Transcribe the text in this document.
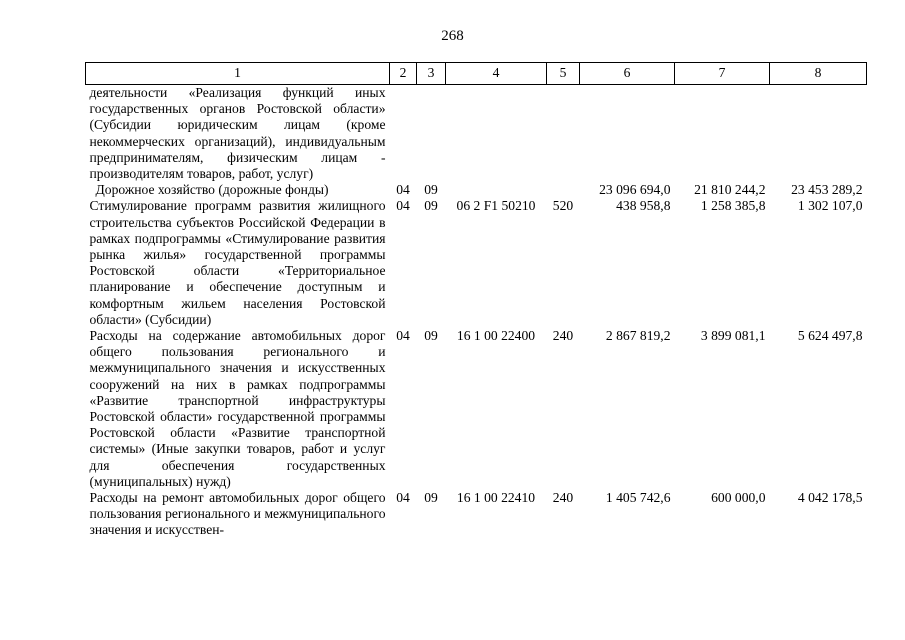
268
1	2	3	4	5	6	7	8
деятельности «Реализация функций иных государственных органов Ростовской области» (Субсидии юридическим лицам (кроме некоммерческих организаций), индивидуальным предпринимателям, физическим лицам - производителям товаров, работ, услуг)							
Дорожное хозяйство (дорожные фонды)	04	09			23 096 694,0	21 810 244,2	23 453 289,2
Стимулирование программ развития жилищного строительства субъектов Российской Федерации в рамках подпрограммы «Стимулирование развития рынка жилья» государственной программы Ростовской области «Территориальное планирование и обеспечение доступным и комфортным жильем населения Ростовской области» (Субсидии)	04	09	06 2 F1 50210	520	438 958,8	1 258 385,8	1 302 107,0
Расходы на содержание автомобильных дорог общего пользования регионального и межмуниципального значения и искусственных сооружений на них в рамках подпрограммы «Развитие транспортной инфраструктуры Ростовской области» государственной программы Ростовской области «Развитие транспортной системы» (Иные закупки товаров, работ и услуг для обеспечения государственных (муниципальных) нужд)	04	09	16 1 00 22400	240	2 867 819,2	3 899 081,1	5 624 497,8
Расходы на ремонт автомобильных дорог общего пользования регионального и межмуниципального значения и искусствен-	04	09	16 1 00 22410	240	1 405 742,6	600 000,0	4 042 178,5
